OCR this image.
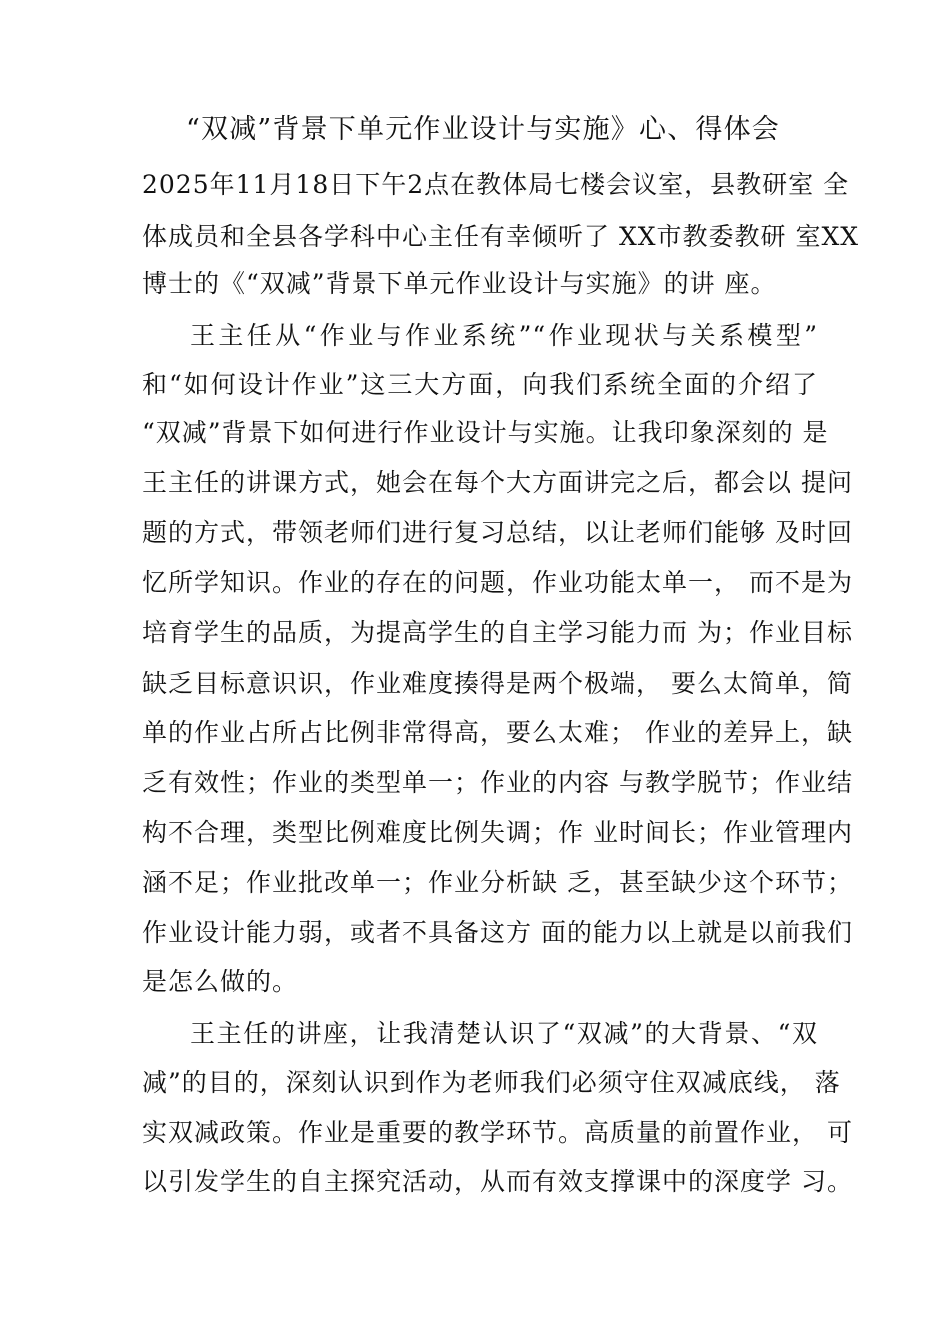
“双减”背景下单元作业设计与实施》心、得体会
2025年11月18日下午2点在教体局七楼会议室，县教研室 全
体成员和全县各学科中心主任有幸倾听了 XX市教委教研 室XX
博士的《“双减”背景下单元作业设计与实施》的讲 座。
王主任从“作业与作业系统”“作业现状与关系模型”
和“如何设计作业”这三大方面，向我们系统全面的介绍了
“双减”背景下如何进行作业设计与实施。让我印象深刻的 是
王主任的讲课方式，她会在每个大方面讲完之后，都会以 提问
题的方式，带领老师们进行复习总结，以让老师们能够 及时回
忆所学知识。作业的存在的问题，作业功能太单一， 而不是为
培育学生的品质，为提高学生的自主学习能力而 为；作业目标
缺乏目标意识识，作业难度揍得是两个极端， 要么太简单，简
单的作业占所占比例非常得高，要么太难； 作业的差异上，缺
乏有效性；作业的类型单一；作业的内容 与教学脱节；作业结
构不合理，类型比例难度比例失调；作 业时间长；作业管理内
涵不足；作业批改单一；作业分析缺 乏，甚至缺少这个环节；
作业设计能力弱，或者不具备这方 面的能力以上就是以前我们
是怎么做的。
王主任的讲座，让我清楚认识了“双减”的大背景、“双
减”的目的，深刻认识到作为老师我们必须守住双减底线， 落
实双减政策。作业是重要的教学环节。高质量的前置作业， 可
以引发学生的自主探究活动，从而有效支撑课中的深度学 习。
